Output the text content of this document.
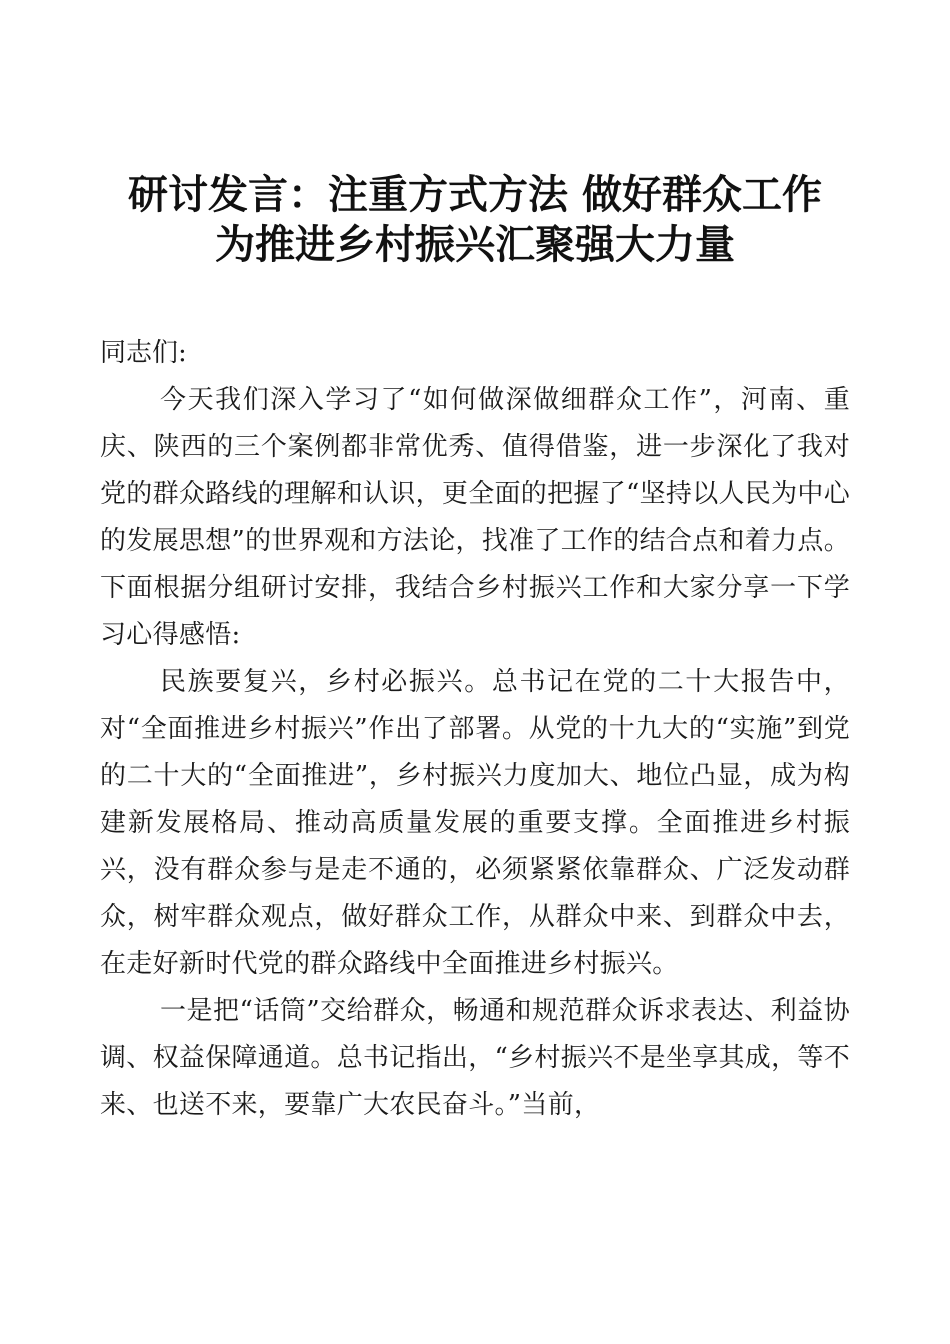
研讨发言：注重方式方法 做好群众工作
为推进乡村振兴汇聚强大力量

同志们:

今天我们深入学习了“如何做深做细群众工作”，河南、重庆、陕西的三个案例都非常优秀、值得借鉴，进一步深化了我对党的群众路线的理解和认识，更全面的把握了“坚持以人民为中心的发展思想”的世界观和方法论，找准了工作的结合点和着力点。下面根据分组研讨安排，我结合乡村振兴工作和大家分享一下学习心得感悟:

民族要复兴，乡村必振兴。总书记在党的二十大报告中，对“全面推进乡村振兴”作出了部署。从党的十九大的“实施”到党的二十大的“全面推进”，乡村振兴力度加大、地位凸显，成为构建新发展格局、推动高质量发展的重要支撑。全面推进乡村振兴，没有群众参与是走不通的，必须紧紧依靠群众、广泛发动群众，树牢群众观点，做好群众工作，从群众中来、到群众中去，在走好新时代党的群众路线中全面推进乡村振兴。

一是把“话筒”交给群众，畅通和规范群众诉求表达、利益协调、权益保障通道。总书记指出，“乡村振兴不是坐享其成，等不来、也送不来，要靠广大农民奋斗。”当前，
